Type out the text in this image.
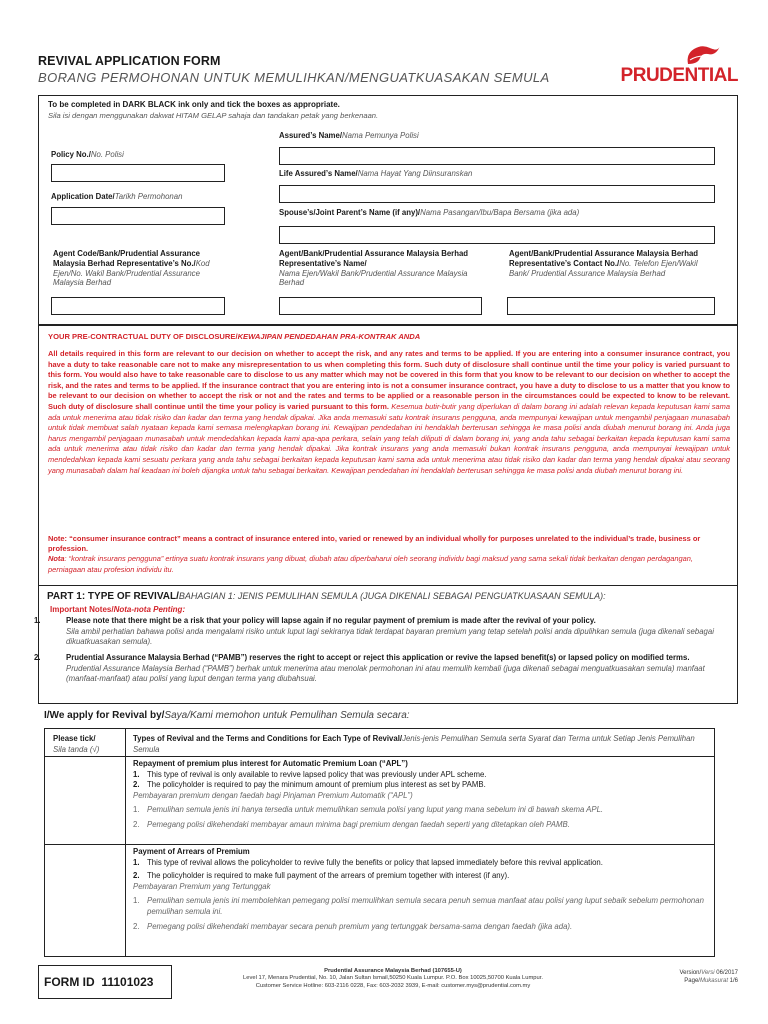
REVIVAL APPLICATION FORM
BORANG PERMOHONAN UNTUK MEMULIHKAN/MENGUATKUASAKAN SEMULA	PRUDENTIAL
To be completed in DARK BLACK ink only and tick the boxes as appropriate.
Sila isi dengan menggunakan dakwat HITAM GELAP sahaja dan tandakan petak yang berkenaan.
Assured’s Name/Nama Pemunya Polisi
Policy No./No. Polisi
Life Assured’s Name/Nama Hayat Yang Diinsuranskan
Application Date/Tarikh Permohonan
Spouse’s/Joint Parent’s Name (if any)/Nama Pasangan/Ibu/Bapa Bersama (jika ada)
Agent Code/Bank/Prudential Assurance Malaysia Berhad Representative’s No./Kod Ejen/No. Wakil Bank/Prudential Assurance Malaysia Berhad
Agent/Bank/Prudential Assurance Malaysia Berhad Representative’s Name/
Nama Ejen/Wakil Bank/Prudential Assurance Malaysia Berhad
Agent/Bank/Prudential Assurance Malaysia Berhad Representative’s Contact No./No. Telefon Ejen/Wakil Bank/ Prudential Assurance Malaysia Berhad
YOUR PRE-CONTRACTUAL DUTY OF DISCLOSURE/KEWAJIPAN PENDEDAHAN PRA-KONTRAK ANDA
All details required in this form are relevant to our decision on whether to accept the risk, and any rates and terms to be applied. If you are entering into a consumer insurance contract, you have a duty to take reasonable care not to make any misrepresentation to us when completing this form. Such duty of disclosure shall continue until the time your policy is varied pursuant to this form. You would also have to take reasonable care to disclose to us any matter which may not be covered in this form that you know to be relevant to our decision on whether to accept the risk, and the rates and terms to be applied. If the insurance contract that you are entering into is not a consumer insurance contract, you have a duty to disclose to us a matter that you know to be relevant to our decision on whether to accept the risk or not and the rates and terms to be applied or a reasonable person in the circumstances could be expected to know to be relevant. Such duty of disclosure shall continue until the time your policy is varied pursuant to this form. Kesemua butir-butir yang diperlukan di dalam borang ini adalah relevan kepada keputusan kami sama ada untuk menerima atau tidak risiko dan kadar dan terma yang hendak dipakai. Jika anda memasuki satu kontrak insurans pengguna, anda mempunyai kewajipan untuk mengambil penjagaan munasabah untuk tidak membuat salah nyataan kepada kami semasa melengkapkan borang ini. Kewajipan pendedahan ini hendaklah berterusan sehingga ke masa polisi anda diubah menurut borang ini. Anda juga harus mengambil penjagaan munasabah untuk mendedahkan kepada kami apa-apa perkara, selain yang telah diliputi di dalam borang ini, yang anda tahu sebagai berkaitan kepada keputusan kami sama ada untuk menerima atau tidak risiko dan kadar dan terma yang hendak dipakai. Jika kontrak insurans yang anda memasuki bukan kontrak insurans pengguna, anda mempunyai kewajipan untuk mendedahkan kepada kami sesuatu perkara yang anda tahu sebagai berkaitan kepada keputusan kami sama ada untuk menerima atau tidak risiko dan kadar dan terma yang hendak dipakai atau seorang yang munasabah dalam hal keadaan ini boleh dijangka untuk tahu sebagai berkaitan. Kewajipan pendedahan ini hendaklah berterusan sehingga ke masa polisi anda diubah menurut borang ini.
Note: “consumer insurance contract” means a contract of insurance entered into, varied or renewed by an individual wholly for purposes unrelated to the individual’s trade, business or profession.
Nota: “kontrak insurans pengguna” ertinya suatu kontrak insurans yang dibuat, diubah atau diperbaharui oleh seorang individu bagi maksud yang sama sekali tidak berkaitan dengan perdagangan, perniagaan atau profesion individu itu.
PART 1: TYPE OF REVIVAL/BAHAGIAN 1: JENIS PEMULIHAN SEMULA (JUGA DIKENALI SEBAGAI PENGUATKUASAAN SEMULA):
Important Notes/Nota-nota Penting:
1.	Please note that there might be a risk that your policy will lapse again if no regular payment of premium is made after the revival of your policy.
Sila ambil perhatian bahawa polisi anda mengalami risiko untuk luput lagi sekiranya tidak terdapat bayaran premium yang tetap setelah polisi anda dipulihkan semula (juga dikenali sebagai dikuatkuasakan semula).
2.	Prudential Assurance Malaysia Berhad (“PAMB”) reserves the right to accept or reject this application or revive the lapsed benefit(s) or lapsed policy on modified terms.
Prudential Assurance Malaysia Berhad (“PAMB”) berhak untuk menerima atau menolak permohonan ini atau memulih kembali (juga dikenali sebagai menguatkuasakan semula) manfaat (manfaat-manfaat) atau polisi yang luput dengan terma yang diubahsuai.
I/We apply for Revival by/Saya/Kami memohon untuk Pemulihan Semula secara:
Please tick/
Sila tanda (√)
Types of Revival and the Terms and Conditions for Each Type of Revival/Jenis-jenis Pemulihan Semula serta Syarat dan Terma untuk Setiap Jenis Pemulihan Semula
Repayment of premium plus interest for Automatic Premium Loan (“APL”)
1. This type of revival is only available to revive lapsed policy that was previously under APL scheme.
2. The policyholder is required to pay the minimum amount of premium plus interest as set by PAMB.
Pembayaran premium dengan faedah bagi Pinjaman Premium Automatik (“APL”)
1. Pemulihan semula jenis ini hanya tersedia untuk memulihkan semula polisi yang luput yang mana sebelum ini di bawah skema APL.
2. Pemegang polisi dikehendaki membayar amaun minima bagi premium dengan faedah seperti yang ditetapkan oleh PAMB.
Payment of Arrears of Premium
1. This type of revival allows the policyholder to revive fully the benefits or policy that lapsed immediately before this revival application.
2. The policyholder is required to make full payment of the arrears of premium together with interest (if any).
Pembayaran Premium yang Tertunggak
1. Pemulihan semula jenis ini membolehkan pemegang polisi memulihkan semula secara penuh semua manfaat atau polisi yang luput sebaik sebelum permohonan pemulihan semula ini.
2. Pemegang polisi dikehendaki membayar secara penuh premium yang tertunggak bersama-sama dengan faedah (jika ada).
FORM ID 11101023
Prudential Assurance Malaysia Berhad (107655-U)
Level 17, Menara Prudential, No. 10, Jalan Sultan Ismail,50250 Kuala Lumpur. P.O. Box 10025,50700 Kuala Lumpur.
Customer Service Hotline: 603-2116 0228, Fax: 603-2032 3939, E-mail: customer.mys@prudential.com.my
Version/Versi 06/2017
Page/Mukasurat 1/6
